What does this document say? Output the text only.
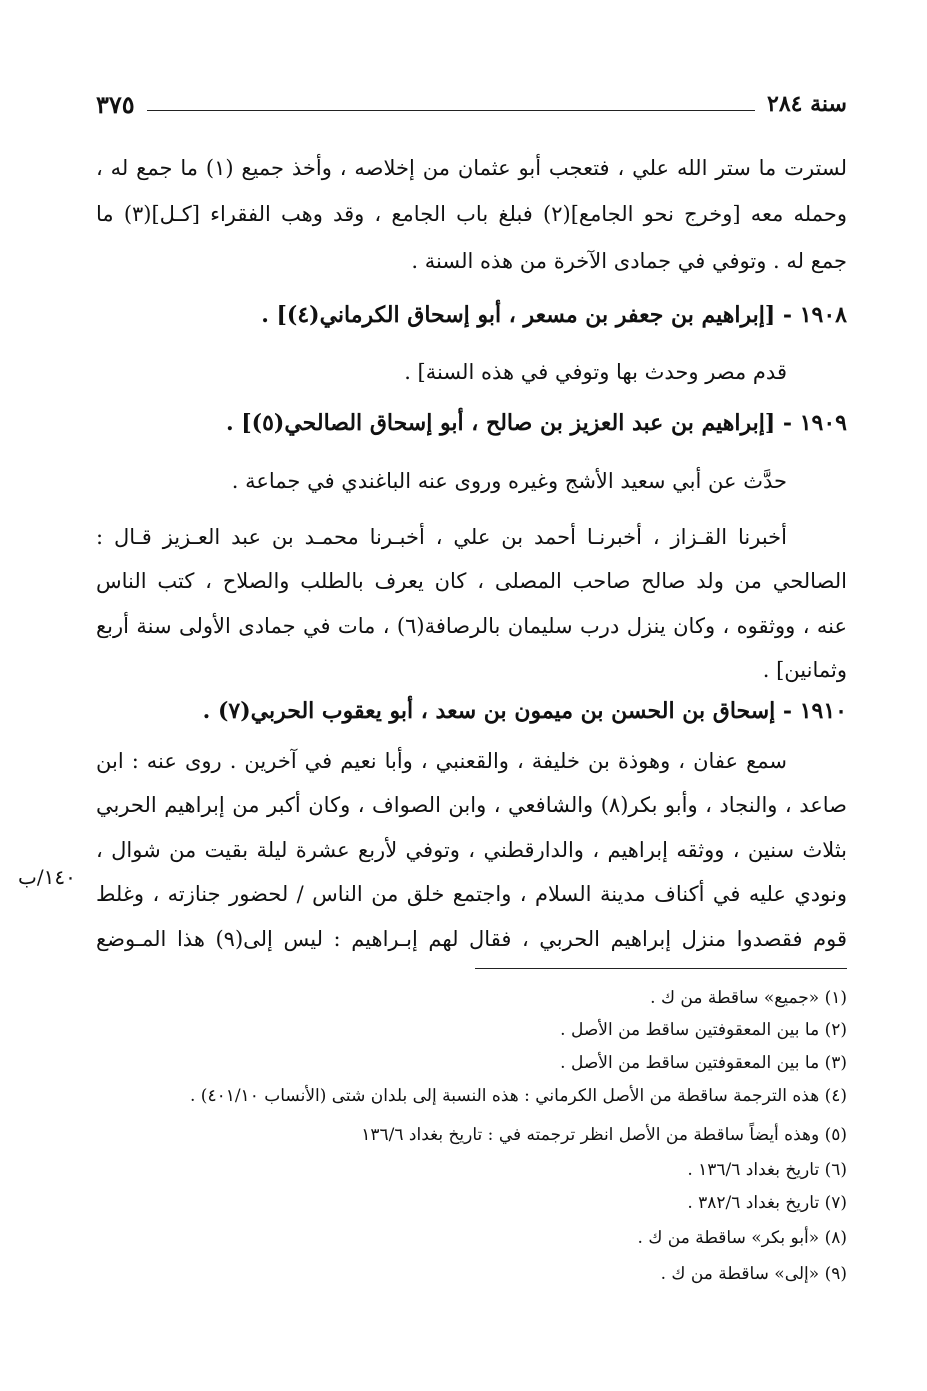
سنة ٢٨٤
٣٧٥
لسترت ما ستر الله علي ، فتعجب أبو عثمان من إخلاصه ، وأخذ جميع (١) ما جمع له ،
وحمله معه [وخرج نحو الجامع](٢) فبلغ باب الجامع ، وقد وهب الفقراء [كـل](٣) ما
جمع له . وتوفي في جمادى الآخرة من هذه السنة .
١٩٠٨ - [إبراهيم بن جعفر بن مسعر ، أبو إسحاق الكرماني(٤)] .
قدم مصر وحدث بها وتوفي في هذه السنة] .
١٩٠٩ - [إبراهيم بن عبد العزيز بن صالح ، أبو إسحاق الصالحي(٥)] .
حدَّث عن أبي سعيد الأشج وغيره وروى عنه الباغندي في جماعة .
أخبرنا القـزاز ، أخبرنـا أحمد بن علي ، أخبـرنا محمـد بن عبد العـزيز قـال :
الصالحي من ولد صالح صاحب المصلى ، كان يعرف بالطلب والصلاح ، كتب الناس
عنه ، ووثقوه ، وكان ينزل درب سليمان بالرصافة(٦) ، مات في جمادى الأولى سنة أربع
وثمانين] .
١٩١٠ - إسحاق بن الحسن بن ميمون بن سعد ، أبو يعقوب الحربي(٧) .
سمع عفان ، وهوذة بن خليفة ، والقعنبي ، وأبا نعيم في آخرين . روى عنه : ابن
صاعد ، والنجاد ، وأبو بكر(٨) والشافعي ، وابن الصواف ، وكان أكبر من إبراهيم الحربي
بثلاث سنين ، ووثقه إبراهيم ، والدارقطني ، وتوفي لأربع عشرة ليلة بقيت من شوال ،
ونودي عليه في أكناف مدينة السلام ، واجتمع خلق من الناس / لحضور جنازته ، وغلط
قوم فقصدوا منزل إبراهيم الحربي ، فقال لهم إبـراهيم : ليس إلى(٩) هذا المـوضع
١٤٠/ب
(١) «جميع» ساقطة من ك .
(٢) ما بين المعقوفتين ساقط من الأصل .
(٣) ما بين المعقوفتين ساقط من الأصل .
(٤) هذه الترجمة ساقطة من الأصل الكرماني : هذه النسبة إلى بلدان شتى (الأنساب ٤٠١/١٠) .
(٥) وهذه أيضاً ساقطة من الأصل انظر ترجمته في : تاريخ بغداد ١٣٦/٦
(٦) تاريخ بغداد ١٣٦/٦ .
(٧) تاريخ بغداد ٣٨٢/٦ .
(٨) «أبو بكر» ساقطة من ك .
(٩) «إلى» ساقطة من ك .
